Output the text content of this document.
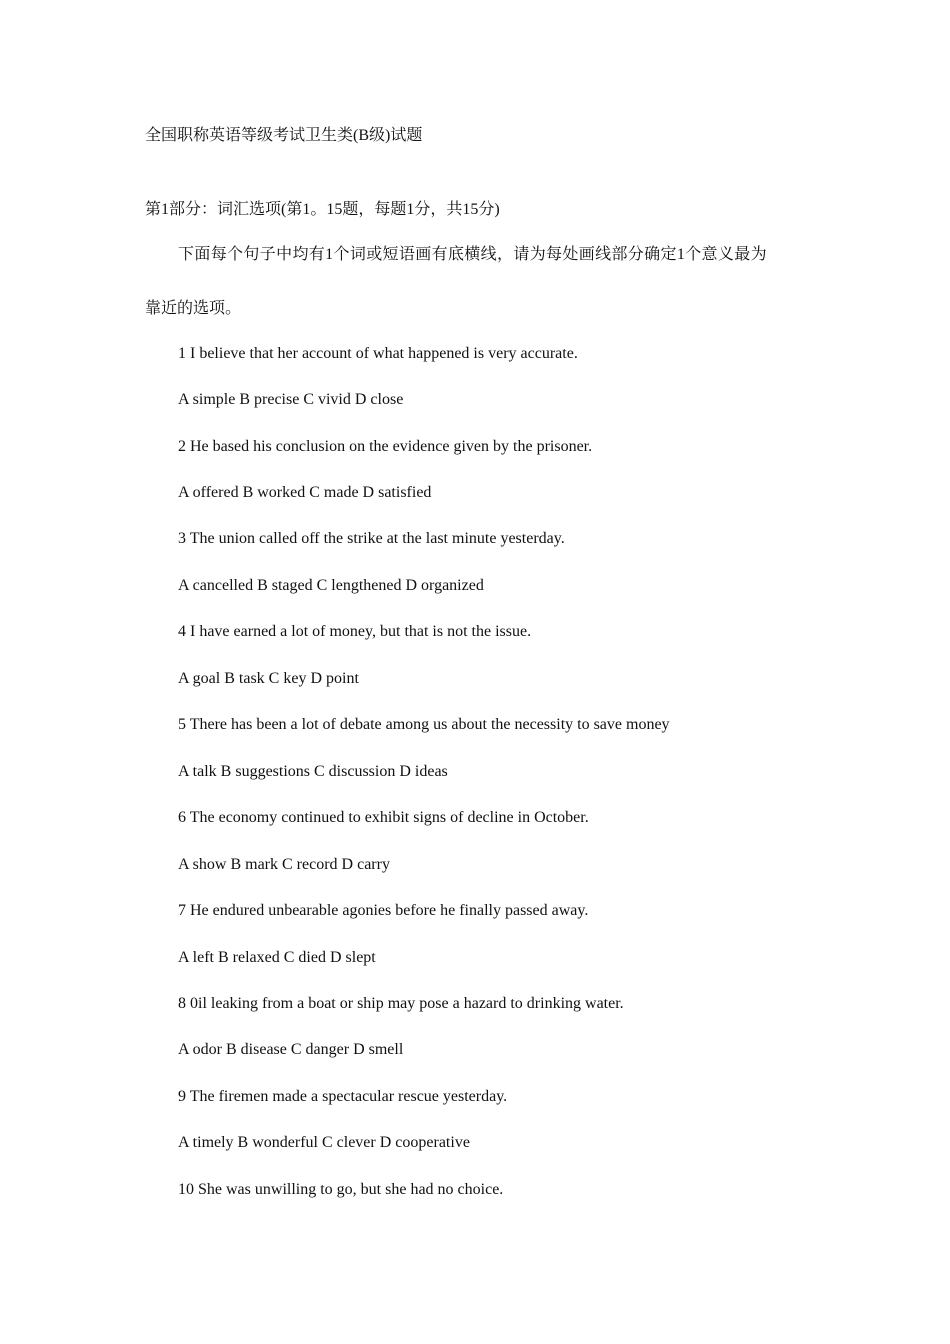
全国职称英语等级考试卫生类(B级)试题
第1部分：词汇选项(第1。15题，每题1分，共15分)
下面每个句子中均有1个词或短语画有底横线，请为每处画线部分确定1个意义最为
靠近的选项。
1 I believe that her account of what happened is very accurate.
A simple B precise C vivid D close
2 He based his conclusion on the evidence given by the prisoner.
A offered B worked C made D satisfied
3 The union called off the strike at the last minute yesterday.
A cancelled B staged C lengthened D organized
4 I have earned a lot of money, but that is not the issue.
A goal B task C key D point
5 There has been a lot of debate among us about the necessity to save money
A talk B suggestions C discussion D ideas
6 The economy continued to exhibit signs of decline in October.
A show B mark C record D carry
7 He endured unbearable agonies before he finally passed away.
A left B relaxed C died D slept
8 0il leaking from a boat or ship may pose a hazard to drinking water.
A odor B disease C danger D smell
9 The firemen made a spectacular rescue yesterday.
A timely B wonderful C clever D cooperative
10 She was unwilling to go, but she had no choice.
